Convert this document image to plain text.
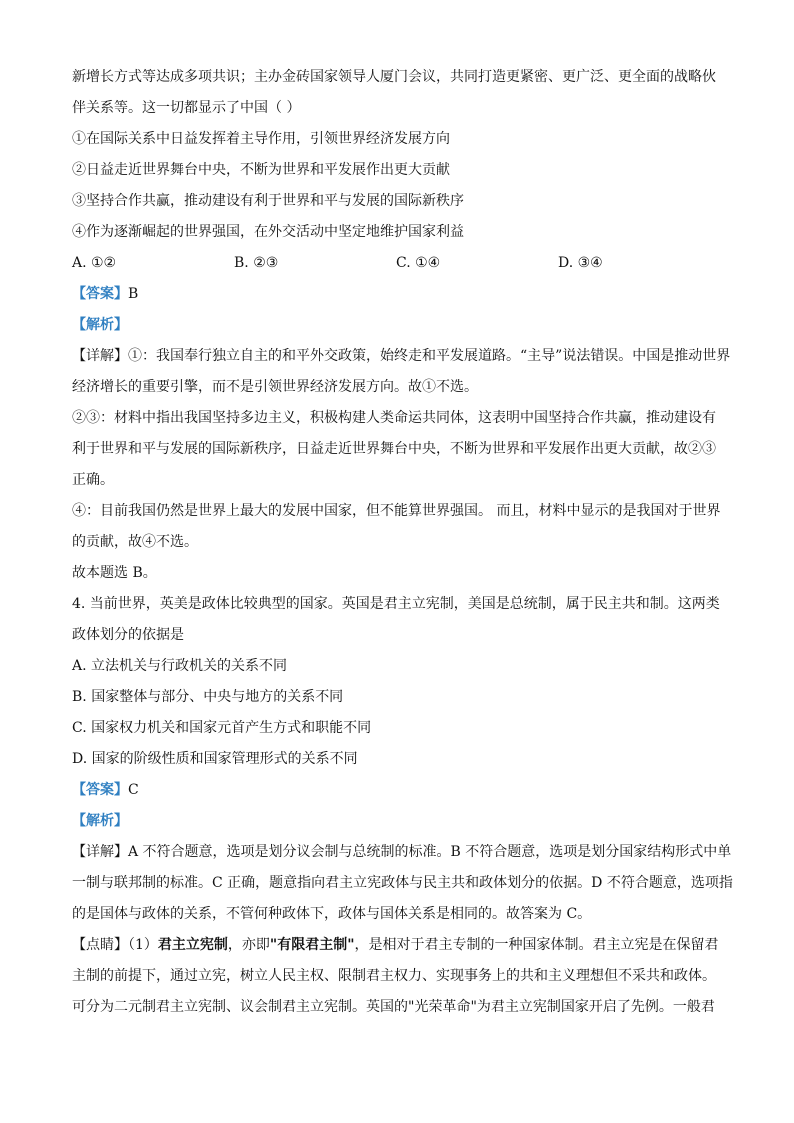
新增长方式等达成多项共识；主办金砖国家领导人厦门会议，共同打造更紧密、更广泛、更全面的战略伙
伴关系等。这一切都显示了中国（ ）
①在国际关系中日益发挥着主导作用，引领世界经济发展方向
②日益走近世界舞台中央，不断为世界和平发展作出更大贡献
③坚持合作共赢，推动建设有利于世界和平与发展的国际新秩序
④作为逐渐崛起的世界强国，在外交活动中坚定地维护国家利益
A. ①②	B. ②③	C. ①④	D. ③④
【答案】B
【解析】
【详解】①：我国奉行独立自主的和平外交政策，始终走和平发展道路。“主导”说法错误。中国是推动世界
经济增长的重要引擎，而不是引领世界经济发展方向。故①不选。
②③：材料中指出我国坚持多边主义，积极构建人类命运共同体，这表明中国坚持合作共赢，推动建设有
利于世界和平与发展的国际新秩序，日益走近世界舞台中央，不断为世界和平发展作出更大贡献，故②③
正确。
④：目前我国仍然是世界上最大的发展中国家，但不能算世界强国。 而且，材料中显示的是我国对于世界
的贡献，故④不选。
故本题选 B。
4. 当前世界，英美是政体比较典型的国家。英国是君主立宪制，美国是总统制，属于民主共和制。这两类
政体划分的依据是
A. 立法机关与行政机关的关系不同
B. 国家整体与部分、中央与地方的关系不同
C. 国家权力机关和国家元首产生方式和职能不同
D. 国家的阶级性质和国家管理形式的关系不同
【答案】C
【解析】
【详解】A 不符合题意，选项是划分议会制与总统制的标准。B 不符合题意，选项是划分国家结构形式中单
一制与联邦制的标准。C 正确，题意指向君主立宪政体与民主共和政体划分的依据。D 不符合题意，选项指
的是国体与政体的关系，不管何种政体下，政体与国体关系是相同的。故答案为 C。
【点睛】（1）君主立宪制，亦即"有限君主制"，是相对于君主专制的一种国家体制。君主立宪是在保留君
主制的前提下，通过立宪，树立人民主权、限制君主权力、实现事务上的共和主义理想但不采共和政体。
可分为二元制君主立宪制、议会制君主立宪制。英国的"光荣革命"为君主立宪制国家开启了先例。一般君
